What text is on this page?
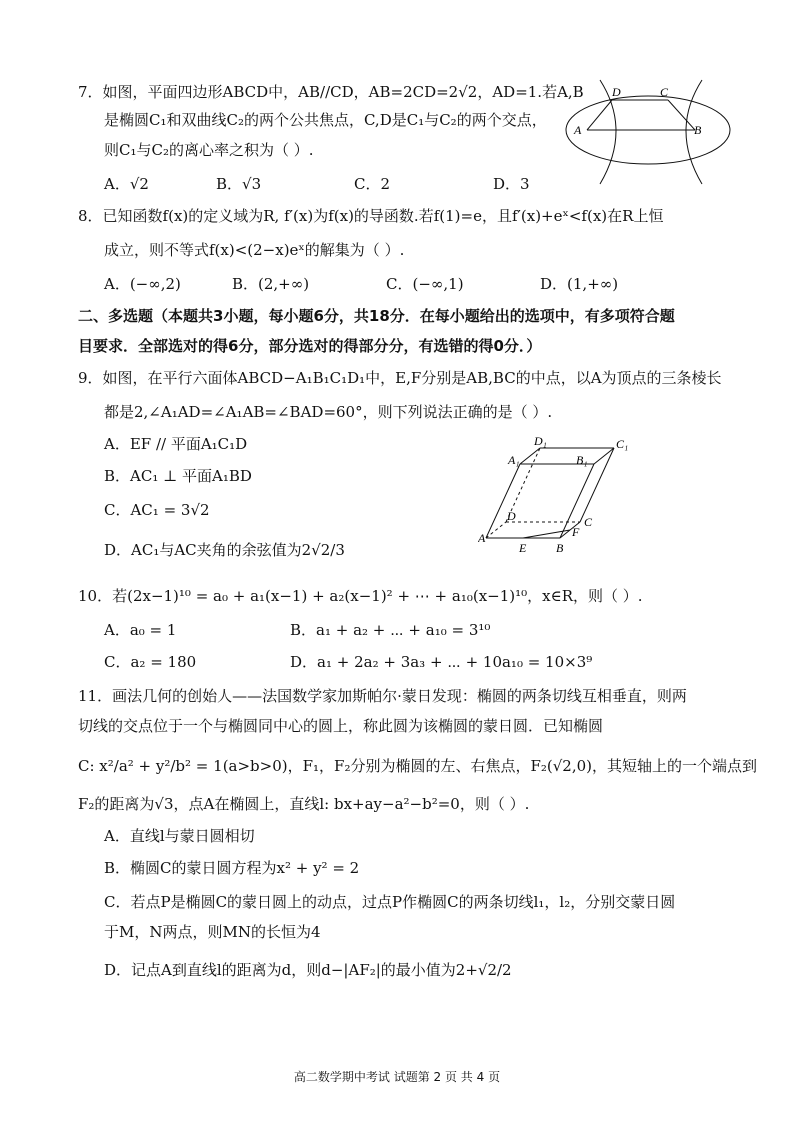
7．如图，平面四边形ABCD中，AB//CD，AB=2CD=2√2，AD=1.若A,B
是椭圆C₁和双曲线C₂的两个公共焦点，C,D是C₁与C₂的两个交点，
则C₁与C₂的离心率之积为（ ）.
A．√2	B．√3	C．2	D．3
D	C
A	B
8．已知函数f(x)的定义域为R, f′(x)为f(x)的导函数.若f(1)=e，且f′(x)+eˣ<f(x)在R上恒
成立，则不等式f(x)<(2−x)eˣ的解集为（ ）.
A．(−∞,2)	B．(2,+∞)	C．(−∞,1)	D．(1,+∞)
二、多选题（本题共3小题，每小题6分，共18分．在每小题给出的选项中，有多项符合题
目要求．全部选对的得6分，部分选对的得部分分，有选错的得0分．）
9．如图，在平行六面体ABCD−A₁B₁C₁D₁中，E,F分别是AB,BC的中点，以A为顶点的三条棱长
都是2,∠A₁AD=∠A₁AB=∠BAD=60°，则下列说法正确的是（ ）.
A．EF // 平面A₁C₁D
B．AC₁ ⊥ 平面A₁BD
C．AC₁ = 3√2
D．AC₁与AC夹角的余弦值为2√2/3
D₁	C₁
A₁	B₁
D	C
F
A
E B
10．若(2x−1)¹⁰ = a₀ + a₁(x−1) + a₂(x−1)² + ⋯ + a₁₀(x−1)¹⁰，x∈R，则（ ）.
A．a₀ = 1	B．a₁ + a₂ + ⋯ + a₁₀ = 3¹⁰
C．a₂ = 180	D．a₁ + 2a₂ + 3a₃ + ⋯ + 10a₁₀ = 10×3⁹
11．画法几何的创始人——法国数学家加斯帕尔·蒙日发现：椭圆的两条切线互相垂直，则两
切线的交点位于一个与椭圆同中心的圆上，称此圆为该椭圆的蒙日圆．已知椭圆
C: x²/a² + y²/b² = 1(a>b>0)，F₁，F₂分别为椭圆的左、右焦点，F₂(√2,0)，其短轴上的一个端点到
F₂的距离为√3，点A在椭圆上，直线l: bx+ay−a²−b²=0，则（ ）.
A．直线l与蒙日圆相切
B．椭圆C的蒙日圆方程为x² + y² = 2
C．若点P是椭圆C的蒙日圆上的动点，过点P作椭圆C的两条切线l₁，l₂，分别交蒙日圆
于M，N两点，则MN的长恒为4
D．记点A到直线l的距离为d，则d−|AF₂|的最小值为2+√2/2
高二数学期中考试 试题第 2 页 共 4 页
